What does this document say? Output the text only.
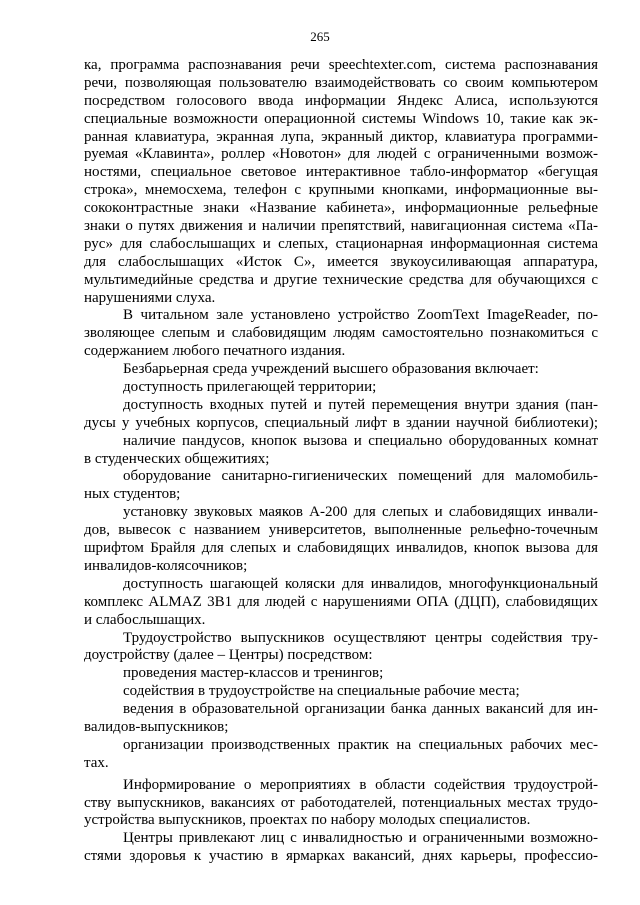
265
ка, программа распознавания речи speechtexter.com, система распознавания
речи, позволяющая пользователю взаимодействовать со своим компьютером
посредством голосового ввода информации Яндекс Алиса, используются
специальные возможности операционной системы Windows 10, такие как эк-
ранная клавиатура, экранная лупа, экранный диктор, клавиатура программи-
руемая «Клавинта», роллер «Новотон» для людей с ограниченными возмож-
ностями, специальное световое интерактивное табло-информатор «бегущая
строка», мнемосхема, телефон с крупными кнопками, информационные вы-
сококонтрастные знаки «Название кабинета», информационные рельефные
знаки о путях движения и наличии препятствий, навигационная система «Па-
рус» для слабослышащих и слепых, стационарная информационная система
для слабослышащих «Исток С», имеется звукоусиливающая аппаратура,
мультимедийные средства и другие технические средства для обучающихся с
нарушениями слуха.
В читальном зале установлено устройство ZoomText ImageReader, по-
зволяющее слепым и слабовидящим людям самостоятельно познакомиться с
содержанием любого печатного издания.
Безбарьерная среда учреждений высшего образования включает:
доступность прилегающей территории;
доступность входных путей и путей перемещения внутри здания (пан-
дусы у учебных корпусов, специальный лифт в здании научной библиотеки);
наличие пандусов, кнопок вызова и специально оборудованных комнат
в студенческих общежитиях;
оборудование санитарно-гигиенических помещений для маломобиль-
ных студентов;
установку звуковых маяков А-200 для слепых и слабовидящих инвали-
дов, вывесок с названием университетов, выполненные рельефно-точечным
шрифтом Брайля для слепых и слабовидящих инвалидов, кнопок вызова для
инвалидов-колясочников;
доступность шагающей коляски для инвалидов, многофункциональный
комплекс ALMAZ 3B1 для людей с нарушениями ОПА (ДЦП), слабовидящих
и слабослышащих.
Трудоустройство выпускников осуществляют центры содействия тру-
доустройству (далее – Центры) посредством:
проведения мастер-классов и тренингов;
содействия в трудоустройстве на специальные рабочие места;
ведения в образовательной организации банка данных вакансий для ин-
валидов-выпускников;
организации производственных практик на специальных рабочих мес-
тах.
Информирование о мероприятиях в области содействия трудоустрой-
ству выпускников, вакансиях от работодателей, потенциальных местах трудо-
устройства выпускников, проектах по набору молодых специалистов.
Центры привлекают лиц с инвалидностью и ограниченными возможно-
стями здоровья к участию в ярмарках вакансий, днях карьеры, профессио-
